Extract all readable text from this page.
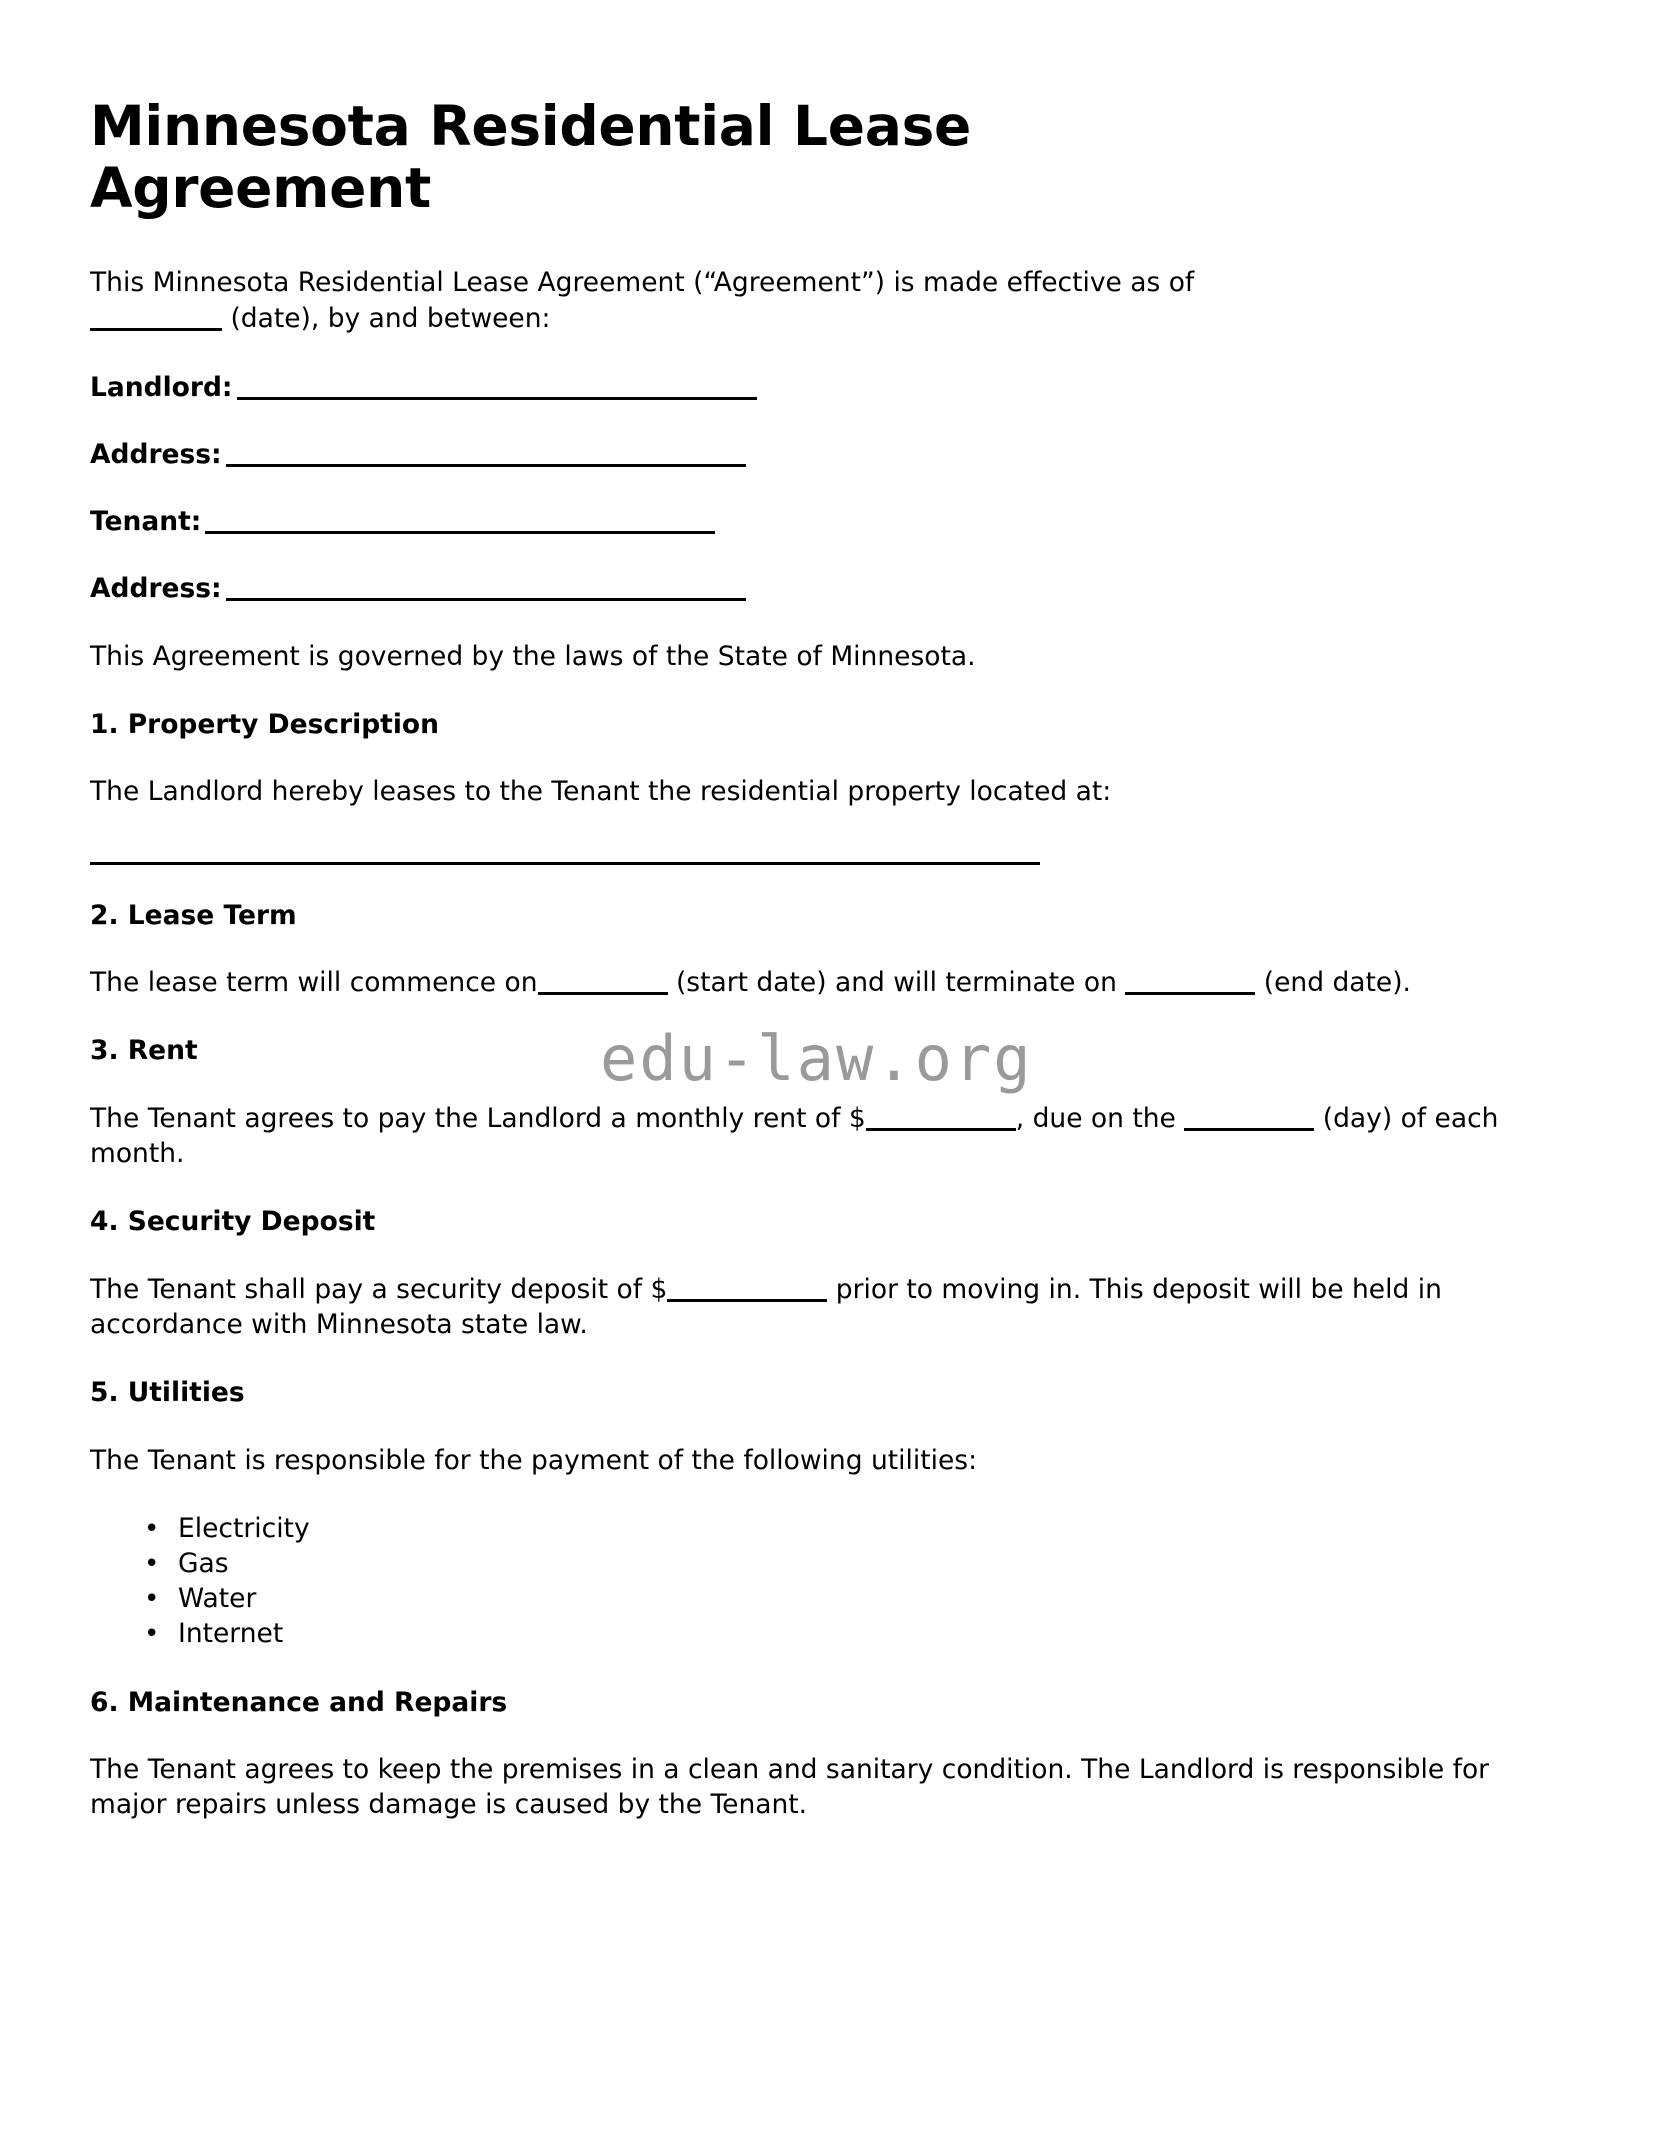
Minnesota Residential Lease Agreement

This Minnesota Residential Lease Agreement (“Agreement”) is made effective as of
(date), by and between:

Landlord:
Address:
Tenant:
Address:

This Agreement is governed by the laws of the State of Minnesota.

1. Property Description

The Landlord hereby leases to the Tenant the residential property located at:

2. Lease Term

The lease term will commence on	(start date) and will terminate on	(end date).

3. Rent

The Tenant agrees to pay the Landlord a monthly rent of $	, due on the	(day) of each month.

4. Security Deposit

The Tenant shall pay a security deposit of $	prior to moving in. This deposit will be held in accordance with Minnesota state law.

5. Utilities

The Tenant is responsible for the payment of the following utilities:

• Electricity
• Gas
• Water
• Internet
6. Maintenance and Repairs

The Tenant agrees to keep the premises in a clean and sanitary condition. The Landlord is responsible for major repairs unless damage is caused by the Tenant.

edu-law.org
